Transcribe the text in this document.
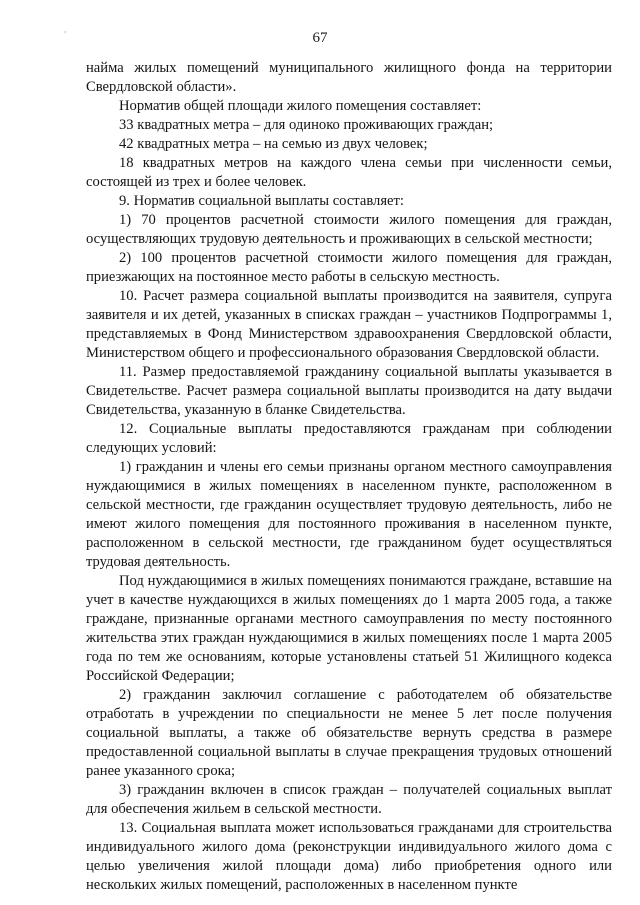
'	67

найма жилых помещений муниципального жилищного фонда на территории Свердловской области».

Норматив общей площади жилого помещения составляет:

33 квадратных метра – для одиноко проживающих граждан;

42 квадратных метра – на семью из двух человек;

18 квадратных метров на каждого члена семьи при численности семьи, состоящей из трех и более человек.

9. Норматив социальной выплаты составляет:

1) 70 процентов расчетной стоимости жилого помещения для граждан, осуществляющих трудовую деятельность и проживающих в сельской местности;

2) 100 процентов расчетной стоимости жилого помещения для граждан, приезжающих на постоянное место работы в сельскую местность.

10. Расчет размера социальной выплаты производится на заявителя, супруга заявителя и их детей, указанных в списках граждан – участников Подпрограммы 1, представляемых в Фонд Министерством здравоохранения Свердловской области, Министерством общего и профессионального образования Свердловской области.

11. Размер предоставляемой гражданину социальной выплаты указывается в Свидетельстве. Расчет размера социальной выплаты производится на дату выдачи Свидетельства, указанную в бланке Свидетельства.

12. Социальные выплаты предоставляются гражданам при соблюдении следующих условий:

1) гражданин и члены его семьи признаны органом местного самоуправления нуждающимися в жилых помещениях в населенном пункте, расположенном в сельской местности, где гражданин осуществляет трудовую деятельность, либо не имеют жилого помещения для постоянного проживания в населенном пункте, расположенном в сельской местности, где гражданином будет осуществляться трудовая деятельность.

Под нуждающимися в жилых помещениях понимаются граждане, вставшие на учет в качестве нуждающихся в жилых помещениях до 1 марта 2005 года, а также граждане, признанные органами местного самоуправления по месту постоянного жительства этих граждан нуждающимися в жилых помещениях после 1 марта 2005 года по тем же основаниям, которые установлены статьей 51 Жилищного кодекса Российской Федерации;

2) гражданин заключил соглашение с работодателем об обязательстве отработать в учреждении по специальности не менее 5 лет после получения социальной выплаты, а также об обязательстве вернуть средства в размере предоставленной социальной выплаты в случае прекращения трудовых отношений ранее указанного срока;

3) гражданин включен в список граждан – получателей социальных выплат для обеспечения жильем в сельской местности.

13. Социальная выплата может использоваться гражданами для строительства индивидуального жилого дома (реконструкции индивидуального жилого дома с целью увеличения жилой площади дома) либо приобретения одного или нескольких жилых помещений, расположенных в населенном пункте
